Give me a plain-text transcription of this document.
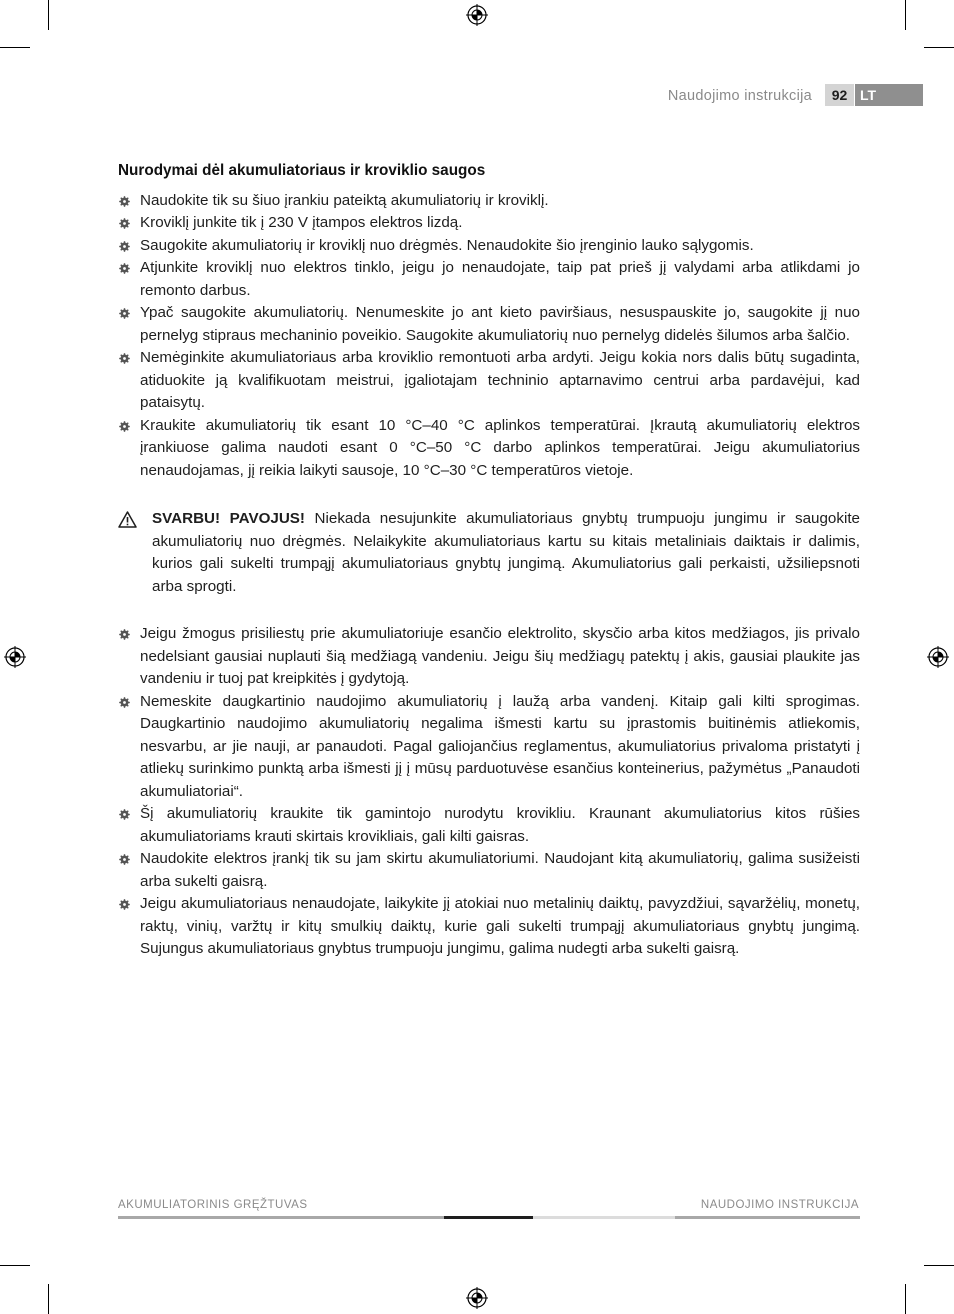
Naudojimo instrukcija	92 LT
Nurodymai dėl akumuliatoriaus ir kroviklio saugos
Naudokite tik su šiuo įrankiu pateiktą akumuliatorių ir kroviklį.
Kroviklį junkite tik į 230 V įtampos elektros lizdą.
Saugokite akumuliatorių ir kroviklį nuo drėgmės. Nenaudokite šio įrenginio lauko sąlygomis.
Atjunkite kroviklį nuo elektros tinklo, jeigu jo nenaudojate, taip pat prieš jį valydami arba atlikdami jo remonto darbus.
Ypač saugokite akumuliatorių. Nenumeskite jo ant kieto paviršiaus, nesuspauskite jo, saugokite jį nuo pernelyg stipraus mechaninio poveikio. Saugokite akumuliatorių nuo pernelyg didelės šilumos arba šalčio.
Nemėginkite akumuliatoriaus arba kroviklio remontuoti arba ardyti. Jeigu kokia nors dalis būtų sugadinta, atiduokite ją kvalifikuotam meistrui, įgaliotajam techninio aptarnavimo centrui arba pardavėjui, kad pataisytų.
Kraukite akumuliatorių tik esant 10 °C–40 °C aplinkos temperatūrai. Įkrautą akumuliatorių elektros įrankiuose galima naudoti esant 0 °C–50 °C darbo aplinkos temperatūrai. Jeigu akumuliatorius nenaudojamas, jį reikia laikyti sausoje, 10 °C–30 °C temperatūros vietoje.
SVARBU! PAVOJUS! Niekada nesujunkite akumuliatoriaus gnybtų trumpuoju jungimu ir saugokite akumuliatorių nuo drėgmės. Nelaikykite akumuliatoriaus kartu su kitais metaliniais daiktais ir dalimis, kurios gali sukelti trumpąjį akumuliatoriaus gnybtų jungimą. Akumuliatorius gali perkaisti, užsiliepsnoti arba sprogti.
Jeigu žmogus prisiliestų prie akumuliatoriuje esančio elektrolito, skysčio arba kitos medžiagos, jis privalo nedelsiant gausiai nuplauti šią medžiagą vandeniu. Jeigu šių medžiagų patektų į akis, gausiai plaukite jas vandeniu ir tuoj pat kreipkitės į gydytoją.
Nemeskite daugkartinio naudojimo akumuliatorių į laužą arba vandenį. Kitaip gali kilti sprogimas. Daugkartinio naudojimo akumuliatorių negalima išmesti kartu su įprastomis buitinėmis atliekomis, nesvarbu, ar jie nauji, ar panaudoti. Pagal galiojančius reglamentus, akumuliatorius privaloma pristatyti į atliekų surinkimo punktą arba išmesti jį į mūsų parduotuvėse esančius konteinerius, pažymėtus „Panaudoti akumuliatoriai“.
Šį akumuliatorių kraukite tik gamintojo nurodytu krovikliu. Kraunant akumuliatorius kitos rūšies akumuliatoriams krauti skirtais krovikliais, gali kilti gaisras.
Naudokite elektros įrankį tik su jam skirtu akumuliatoriumi. Naudojant kitą akumuliatorių, galima susižeisti arba sukelti gaisrą.
Jeigu akumuliatoriaus nenaudojate, laikykite jį atokiai nuo metalinių daiktų, pavyzdžiui, sąvaržėlių, monetų, raktų, vinių, varžtų ir kitų smulkių daiktų, kurie gali sukelti trumpąjį akumuliatoriaus gnybtų jungimą. Sujungus akumuliatoriaus gnybtus trumpuoju jungimu, galima nudegti arba sukelti gaisrą.
AKUMULIATORINIS GRĘŽTUVAS	NAUDOJIMO INSTRUKCIJA
